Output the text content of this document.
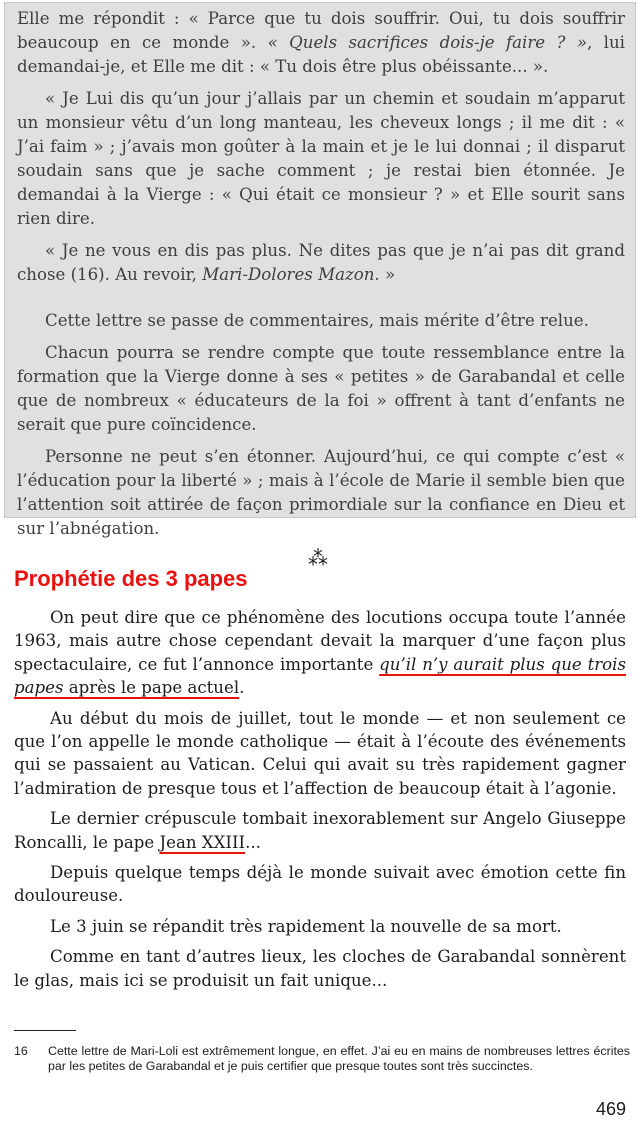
Elle me répondit : « Parce que tu dois souffrir. Oui, tu dois souffrir beaucoup en ce monde ». « Quels sacrifices dois-je faire ? », lui demandai-je, et Elle me dit : « Tu dois être plus obéissante... ».

« Je Lui dis qu’un jour j’allais par un chemin et soudain m’apparut un monsieur vêtu d’un long manteau, les cheveux longs ; il me dit : « J’ai faim » ; j’avais mon goûter à la main et je le lui donnai ; il disparut soudain sans que je sache comment ; je restai bien étonnée. Je demandai à la Vierge : « Qui était ce monsieur ? » et Elle sourit sans rien dire.

« Je ne vous en dis pas plus. Ne dites pas que je n’ai pas dit grand chose (16). Au revoir, Mari-Dolores Mazon. »

Cette lettre se passe de commentaires, mais mérite d’être relue.

Chacun pourra se rendre compte que toute ressemblance entre la formation que la Vierge donne à ses « petites » de Garabandal et celle que de nombreux « éducateurs de la foi » offrent à tant d’enfants ne serait que pure coïncidence.

Personne ne peut s’en étonner. Aujourd’hui, ce qui compte c’est « l’éducation pour la liberté » ; mais à l’école de Marie il semble bien que l’attention soit attirée de façon primordiale sur la confiance en Dieu et sur l’abnégation.

⁂
Prophétie des 3 papes

On peut dire que ce phénomène des locutions occupa toute l’année 1963, mais autre chose cependant devait la marquer d’une façon plus spectaculaire, ce fut l’annonce importante qu’il n’y aurait plus que trois papes après le pape actuel.

Au début du mois de juillet, tout le monde — et non seulement ce que l’on appelle le monde catholique — était à l’écoute des événements qui se passaient au Vatican. Celui qui avait su très rapidement gagner l’admiration de presque tous et l’affection de beaucoup était à l’agonie.

Le dernier crépuscule tombait inexorablement sur Angelo Giuseppe Roncalli, le pape Jean XXIII...

Depuis quelque temps déjà le monde suivait avec émotion cette fin douloureuse.

Le 3 juin se répandit très rapidement la nouvelle de sa mort.

Comme en tant d’autres lieux, les cloches de Garabandal sonnèrent le glas, mais ici se produisit un fait unique...

16	Cette lettre de Mari-Loli est extrêmement longue, en effet. J’ai eu en mains de nombreuses lettres écrites par les petites de Garabandal et je puis certifier que presque toutes sont très succinctes.

469
